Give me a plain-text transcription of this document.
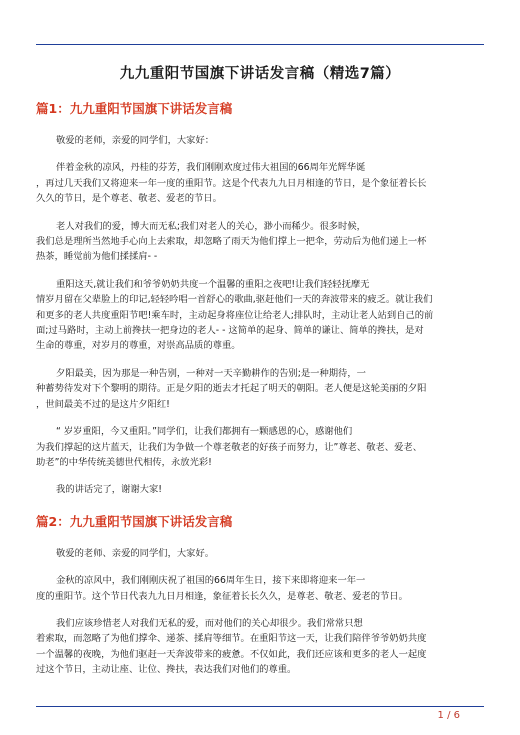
九九重阳节国旗下讲话发言稿（精选7篇）
篇1：九九重阳节国旗下讲话发言稿
敬爱的老师，亲爱的同学们，大家好：
伴着金秋的凉风，丹桂的芬芳，我们刚刚欢度过伟大祖国的66周年光辉华诞
，再过几天我们又将迎来一年一度的重阳节。这是个代表九九日月相逢的节日，是个象征着长长
久久的节日，是个尊老、敬老、爱老的节日。
老人对我们的爱，博大而无私;我们对老人的关心，渺小而稀少。很多时候，
我们总是理所当然地手心向上去索取，却忽略了雨天为他们撑上一把伞，劳动后为他们递上一杯
热茶，睡觉前为他们揉揉肩- -
重阳这天,就让我们和爷爷奶奶共度一个温馨的重阳之夜吧!让我们轻轻抚摩无
情岁月留在父辈脸上的印记,轻轻吟唱一首舒心的歌曲,驱赶他们一天的奔波带来的疲乏。就让我们
和更多的老人共度重阳节吧!乘车时，主动起身将座位让给老人;排队时，主动让老人站到自己的前
面;过马路时，主动上前搀扶一把身边的老人- - 这简单的起身、简单的谦让、简单的搀扶，是对
生命的尊重，对岁月的尊重，对崇高品质的尊重。
夕阳最美，因为那是一种告别，一种对一天辛勤耕作的告别;是一种期待，一
种蓄势待发对下个黎明的期待。正是夕阳的逝去才托起了明天的朝阳。老人便是这轮美丽的夕阳
，世间最美不过的是这片夕阳红!
“ 岁岁重阳，今又重阳。”同学们，让我们都拥有一颗感恩的心，感谢他们
为我们撑起的这片蓝天，让我们为争做一个尊老敬老的好孩子而努力，让”尊老、敬老、爱老、
助老”的中华传统美德世代相传，永放光彩!
我的讲话完了，谢谢大家!
篇2：九九重阳节国旗下讲话发言稿
敬爱的老师、亲爱的同学们，大家好。
金秋的凉风中，我们刚刚庆祝了祖国的66周年生日，接下来即将迎来一年一
度的重阳节。这个节日代表九九日月相逢，象征着长长久久，是尊老、敬老、爱老的节日。
我们应该珍惜老人对我们无私的爱，而对他们的关心却很少。我们常常只想
着索取，而忽略了为他们撑伞、递茶、揉肩等细节。在重阳节这一天，让我们陪伴爷爷奶奶共度
一个温馨的夜晚，为他们驱赶一天奔波带来的疲惫。不仅如此，我们还应该和更多的老人一起度
过这个节日，主动让座、让位、搀扶，表达我们对他们的尊重。
1 / 6
